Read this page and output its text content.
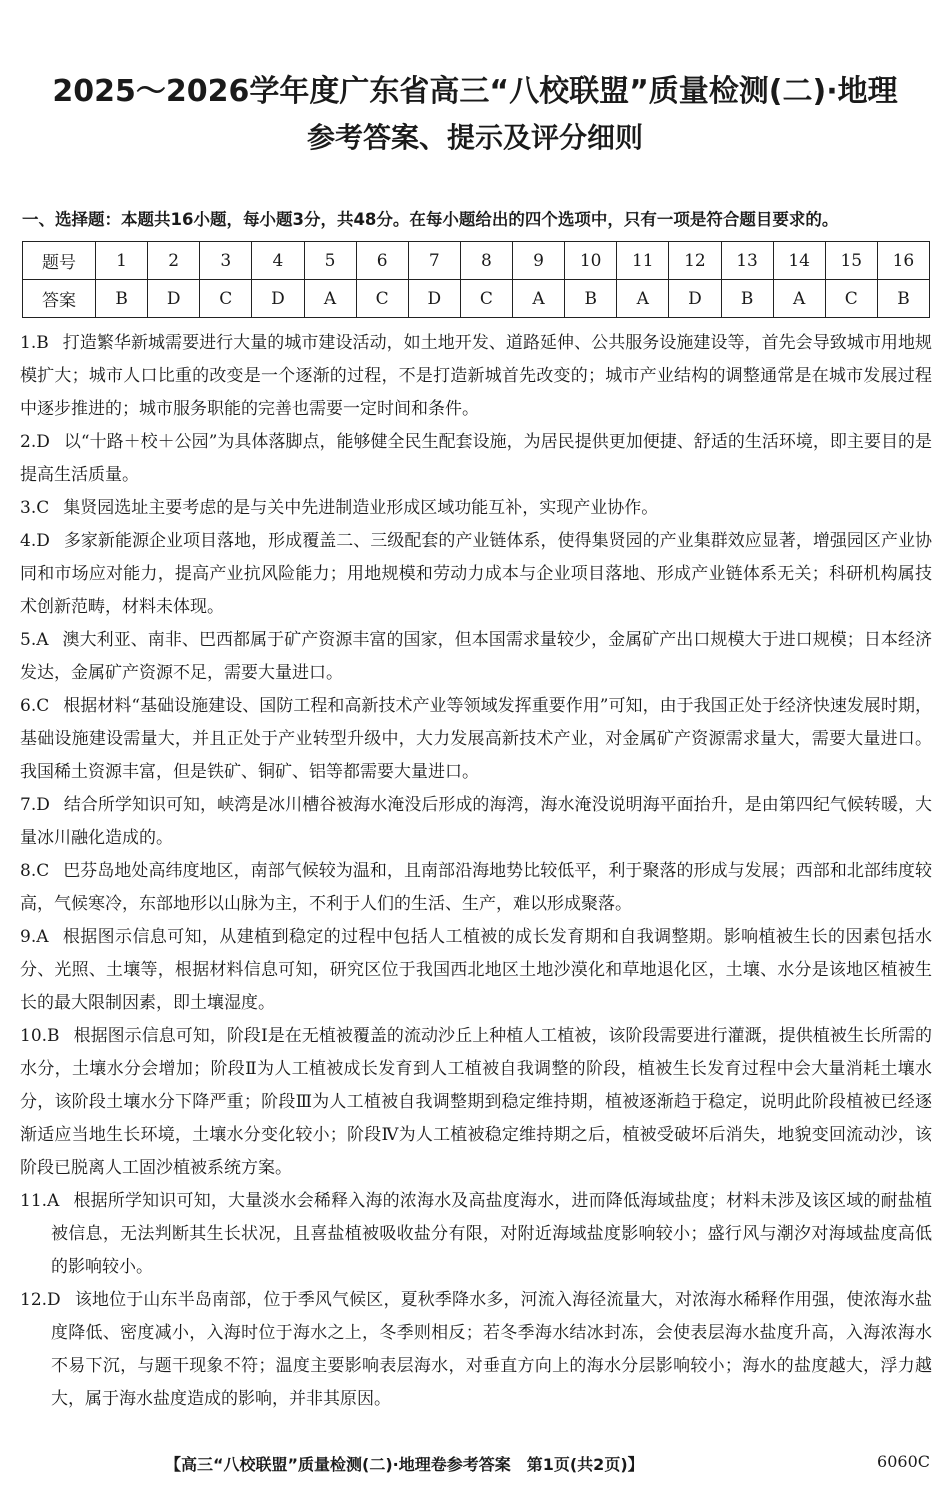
2025～2026学年度广东省高三“八校联盟”质量检测(二)·地理
参考答案、提示及评分细则
一、选择题：本题共16小题，每小题3分，共48分。在每小题给出的四个选项中，只有一项是符合题目要求的。
题号	1	2	3	4	5	6	7	8	9	10	11	12	13	14	15	16
答案	B	D	C	D	A	C	D	C	A	B	A	D	B	A	C	B

1.B 打造繁华新城需要进行大量的城市建设活动，如土地开发、道路延伸、公共服务设施建设等，首先会导致城市用地规模扩大；城市人口比重的改变是一个逐渐的过程，不是打造新城首先改变的；城市产业结构的调整通常是在城市发展过程中逐步推进的；城市服务职能的完善也需要一定时间和条件。

2.D 以“十路＋校＋公园”为具体落脚点，能够健全民生配套设施，为居民提供更加便捷、舒适的生活环境，即主要目的是提高生活质量。

3.C 集贤园选址主要考虑的是与关中先进制造业形成区域功能互补，实现产业协作。

4.D 多家新能源企业项目落地，形成覆盖二、三级配套的产业链体系，使得集贤园的产业集群效应显著，增强园区产业协同和市场应对能力，提高产业抗风险能力；用地规模和劳动力成本与企业项目落地、形成产业链体系无关；科研机构属技术创新范畴，材料未体现。

5.A 澳大利亚、南非、巴西都属于矿产资源丰富的国家，但本国需求量较少，金属矿产出口规模大于进口规模；日本经济发达，金属矿产资源不足，需要大量进口。

6.C 根据材料“基础设施建设、国防工程和高新技术产业等领域发挥重要作用”可知，由于我国正处于经济快速发展时期，基础设施建设需量大，并且正处于产业转型升级中，大力发展高新技术产业，对金属矿产资源需求量大，需要大量进口。我国稀土资源丰富，但是铁矿、铜矿、铝等都需要大量进口。

7.D 结合所学知识可知，峡湾是冰川槽谷被海水淹没后形成的海湾，海水淹没说明海平面抬升，是由第四纪气候转暖，大量冰川融化造成的。

8.C 巴芬岛地处高纬度地区，南部气候较为温和，且南部沿海地势比较低平，利于聚落的形成与发展；西部和北部纬度较高，气候寒冷，东部地形以山脉为主，不利于人们的生活、生产，难以形成聚落。

9.A 根据图示信息可知，从建植到稳定的过程中包括人工植被的成长发育期和自我调整期。影响植被生长的因素包括水分、光照、土壤等，根据材料信息可知，研究区位于我国西北地区土地沙漠化和草地退化区，土壤、水分是该地区植被生长的最大限制因素，即土壤湿度。

10.B 根据图示信息可知，阶段Ⅰ是在无植被覆盖的流动沙丘上种植人工植被，该阶段需要进行灌溉，提供植被生长所需的水分，土壤水分会增加；阶段Ⅱ为人工植被成长发育到人工植被自我调整的阶段，植被生长发育过程中会大量消耗土壤水分，该阶段土壤水分下降严重；阶段Ⅲ为人工植被自我调整期到稳定维持期，植被逐渐趋于稳定，说明此阶段植被已经逐渐适应当地生长环境，土壤水分变化较小；阶段Ⅳ为人工植被稳定维持期之后，植被受破坏后消失，地貌变回流动沙，该阶段已脱离人工固沙植被系统方案。

11.A 根据所学知识可知，大量淡水会稀释入海的浓海水及高盐度海水，进而降低海域盐度；材料未涉及该区域的耐盐植被信息，无法判断其生长状况，且喜盐植被吸收盐分有限，对附近海域盐度影响较小；盛行风与潮汐对海域盐度高低的影响较小。

12.D 该地位于山东半岛南部，位于季风气候区，夏秋季降水多，河流入海径流量大，对浓海水稀释作用强，使浓海水盐度降低、密度减小，入海时位于海水之上，冬季则相反；若冬季海水结冰封冻，会使表层海水盐度升高，入海浓海水不易下沉，与题干现象不符；温度主要影响表层海水，对垂直方向上的海水分层影响较小；海水的盐度越大，浮力越大，属于海水盐度造成的影响，并非其原因。

【高三“八校联盟”质量检测(二)·地理卷参考答案　第1页(共2页)】	6060C
